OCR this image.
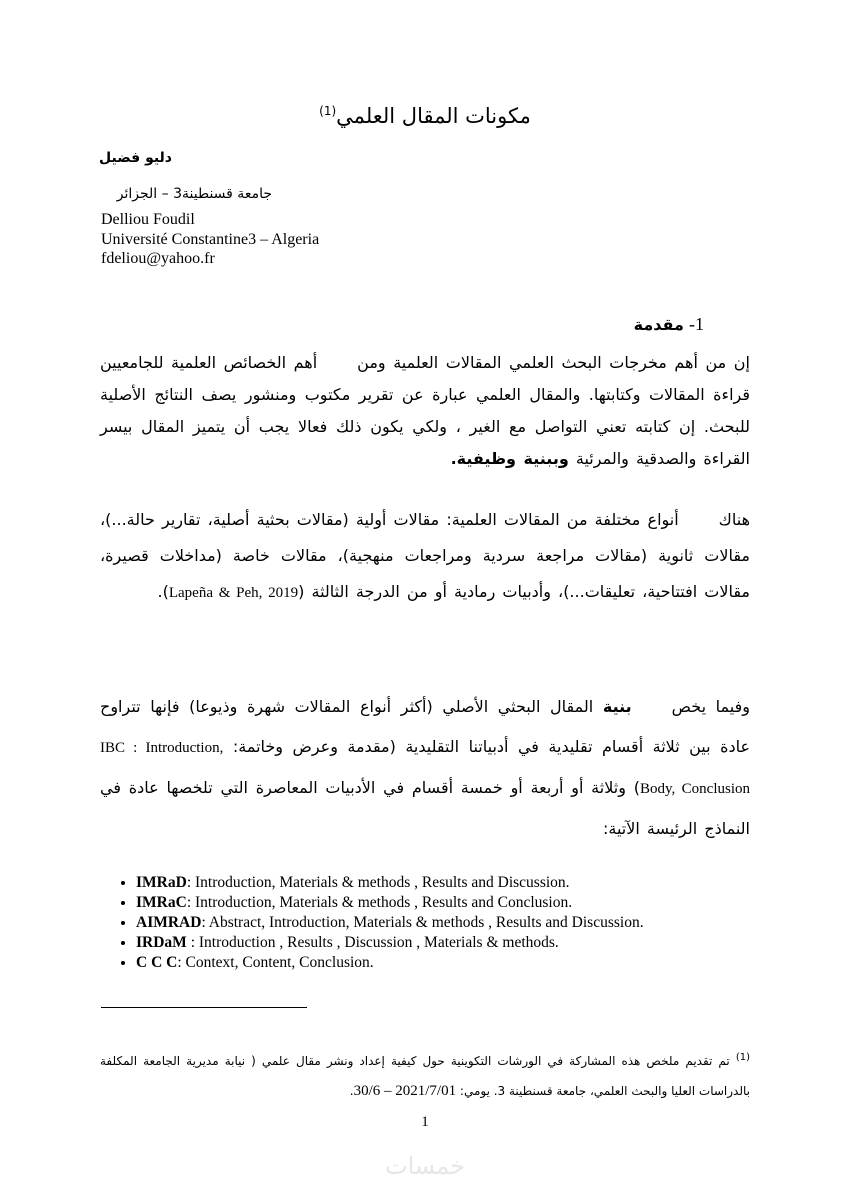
مكونات المقال العلمي$^{(1)}$
دليو فضيل
جامعة قسنطينة3 – الجزائر
Delliou Foudil
Université Constantine3 – Algeria
fdeliou@yahoo.fr
1- مقدمة
إن من أهم مخرجات البحث العلمي المقالات العلمية ومنأهم الخصائص العلمية للجامعيين قراءة المقالات وكتابتها. والمقال العلمي عبارة عن تقرير مكتوب ومنشور يصف النتائج الأصلية للبحث. إن كتابته تعني التواصل مع الغير ، ولكي يكون ذلك فعالا يجب أن يتميز المقال بيسر القراءة والصدقية والمرئية وببنية وظيفية.
هناكأنواع مختلفة من المقالات العلمية: مقالات أولية (مقالات بحثية أصلية، تقارير حالة...)، مقالات ثانوية (مقالات مراجعة سردية ومراجعات منهجية)، مقالات خاصة (مداخلات قصيرة، مقالات افتتاحية، تعليقات...)، وأدبيات رمادية أو من الدرجة الثالثة (Lapeña & Peh, 2019).
وفيما يخصبنية المقال البحثي الأصلي (أكثر أنواع المقالات شهرة وذيوعا) فإنها تتراوح عادة بين ثلاثة أقسام تقليدية في أدبياتنا التقليدية (مقدمة وعرض وخاتمة: IBC : Introduction, Body, Conclusion) وثلاثة أو أربعة أو خمسة أقسام في الأدبيات المعاصرة التي تلخصها عادة في النماذج الرئيسة الآتية:
• IMRaD: Introduction, Materials & methods , Results and Discussion.
• IMRaC: Introduction, Materials & methods , Results and Conclusion.
• AIMRAD: Abstract, Introduction, Materials & methods , Results and Discussion.
• IRDaM : Introduction , Results , Discussion , Materials & methods.
• C C C: Context, Content, Conclusion.
$^{(1)}$ تم تقديم ملخص هذه المشاركة في الورشات التكوينية حول كيفية إعداد ونشر مقال علمي ( نيابة مديرية الجامعة المكلفة بالدراسات العليا والبحث العلمي، جامعة قسنطينة 3. يومي: 30/6 – 2021/7/01.
1
خمسات
